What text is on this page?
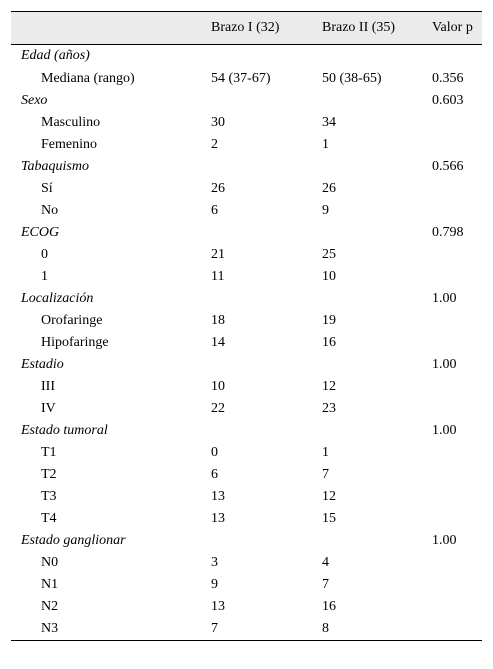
	Brazo I (32)	Brazo II (35)	Valor p
Edad (años)			
Mediana (rango)	54 (37-67)	50 (38-65)	0.356
Sexo			0.603
Masculino	30	34	
Femenino	2	1	
Tabaquismo			0.566
Sí	26	26	
No	6	9	
ECOG			0.798
0	21	25	
1	11	10	
Localización			1.00
Orofaringe	18	19	
Hipofaringe	14	16	
Estadio			1.00
III	10	12	
IV	22	23	
Estado tumoral			1.00
T1	0	1	
T2	6	7	
T3	13	12	
T4	13	15	
Estado ganglionar			1.00
N0	3	4	
N1	9	7	
N2	13	16	
N3	7	8	
